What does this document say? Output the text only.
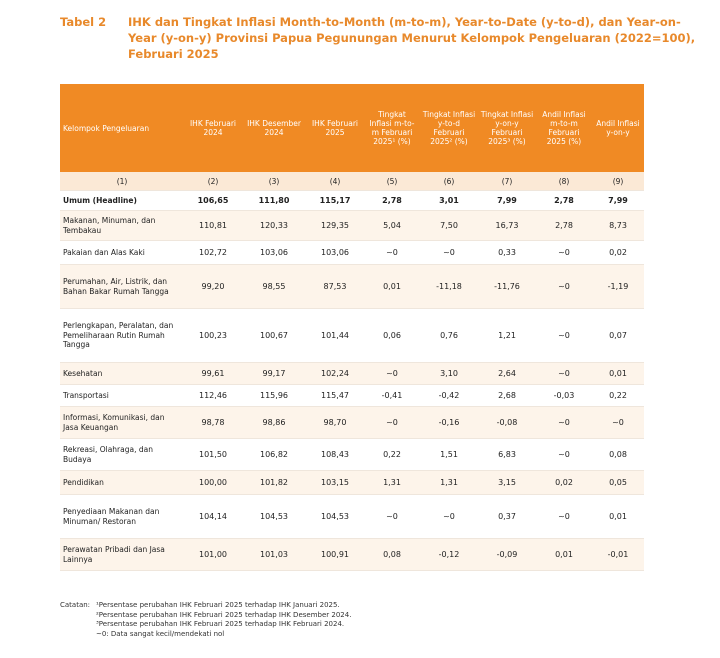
Tabel 2 IHK dan Tingkat Inflasi Month-to-Month (m-to-m), Year-to-Date (y-to-d), dan Year-on-Year (y-on-y) Provinsi Papua Pegunungan Menurut Kelompok Pengeluaran (2022=100), Februari 2025
Kelompok Pengeluaran	IHK Februari 2024	IHK Desember 2024	IHK Februari 2025	Tingkat Inflasi m-to-m Februari 2025¹ (%)	Tingkat Inflasi y-to-d Februari 2025² (%)	Tingkat Inflasi y-on-y Februari 2025³ (%)	Andil Inflasi m-to-m Februari 2025 (%)	Andil Inflasi y-on-y
(1)	(2)	(3)	(4)	(5)	(6)	(7)	(8)	(9)
Umum (Headline)	106,65	111,80	115,17	2,78	3,01	7,99	2,78	7,99
Makanan, Minuman, dan Tembakau	110,81	120,33	129,35	5,04	7,50	16,73	2,78	8,73
Pakaian dan Alas Kaki	102,72	103,06	103,06	~0	~0	0,33	~0	0,02
Perumahan, Air, Listrik, dan Bahan Bakar Rumah Tangga	99,20	98,55	87,53	0,01	-11,18	-11,76	~0	-1,19
Perlengkapan, Peralatan, dan Pemeliharaan Rutin Rumah Tangga	100,23	100,67	101,44	0,06	0,76	1,21	~0	0,07
Kesehatan	99,61	99,17	102,24	~0	3,10	2,64	~0	0,01
Transportasi	112,46	115,96	115,47	-0,41	-0,42	2,68	-0,03	0,22
Informasi, Komunikasi, dan Jasa Keuangan	98,78	98,86	98,70	~0	-0,16	-0,08	~0	~0
Rekreasi, Olahraga, dan Budaya	101,50	106,82	108,43	0,22	1,51	6,83	~0	0,08
Pendidikan	100,00	101,82	103,15	1,31	1,31	3,15	0,02	0,05
Penyediaan Makanan dan Minuman/ Restoran	104,14	104,53	104,53	~0	~0	0,37	~0	0,01
Perawatan Pribadi dan Jasa Lainnya	101,00	101,03	100,91	0,08	-0,12	-0,09	0,01	-0,01
Catatan: ¹Persentase perubahan IHK Februari 2025 terhadap IHK Januari 2025.
²Persentase perubahan IHK Februari 2025 terhadap IHK Desember 2024.
³Persentase perubahan IHK Februari 2025 terhadap IHK Februari 2024.
~0: Data sangat kecil/mendekati nol
